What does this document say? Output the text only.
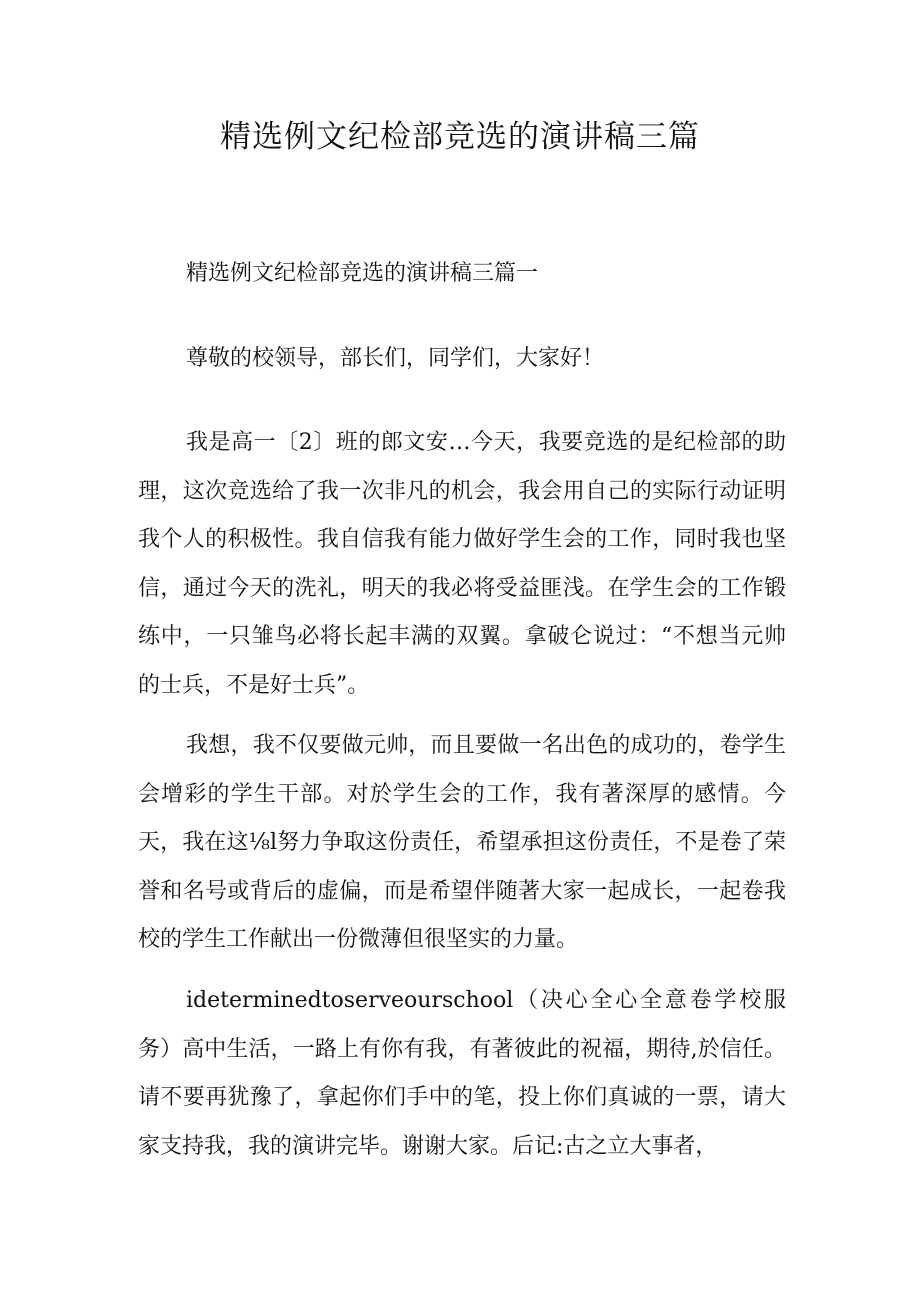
精选例文纪检部竞选的演讲稿三篇

精选例文纪检部竞选的演讲稿三篇一

尊敬的校领导，部长们，同学们，大家好！

我是高一〔2〕班的郎文安…今天，我要竞选的是纪检部的助理，这次竞选给了我一次非凡的机会，我会用自己的实际行动证明我个人的积极性。我自信我有能力做好学生会的工作，同时我也坚信，通过今天的洗礼，明天的我必将受益匪浅。在学生会的工作锻练中，一只雏鸟必将长起丰满的双翼。拿破仑说过：“不想当元帅的士兵，不是好士兵”。

我想，我不仅要做元帅，而且要做一名出色的成功的，卷学生会增彩的学生干部。对於学生会的工作，我有著深厚的感情。今天，我在这⅛l努力争取这份责任，希望承担这份责任，不是卷了荣誉和名号或背后的虚偏，而是希望伴随著大家一起成长，一起卷我校的学生工作献出一份微薄但很坚实的力量。

ideterminedtoserveourschool（决心全心全意卷学校服务）高中生活，一路上有你有我，有著彼此的祝福，期待,於信任。请不要再犹豫了，拿起你们手中的笔，投上你们真诚的一票，请大家支持我，我的演讲完毕。谢谢大家。后记:古之立大事者，
